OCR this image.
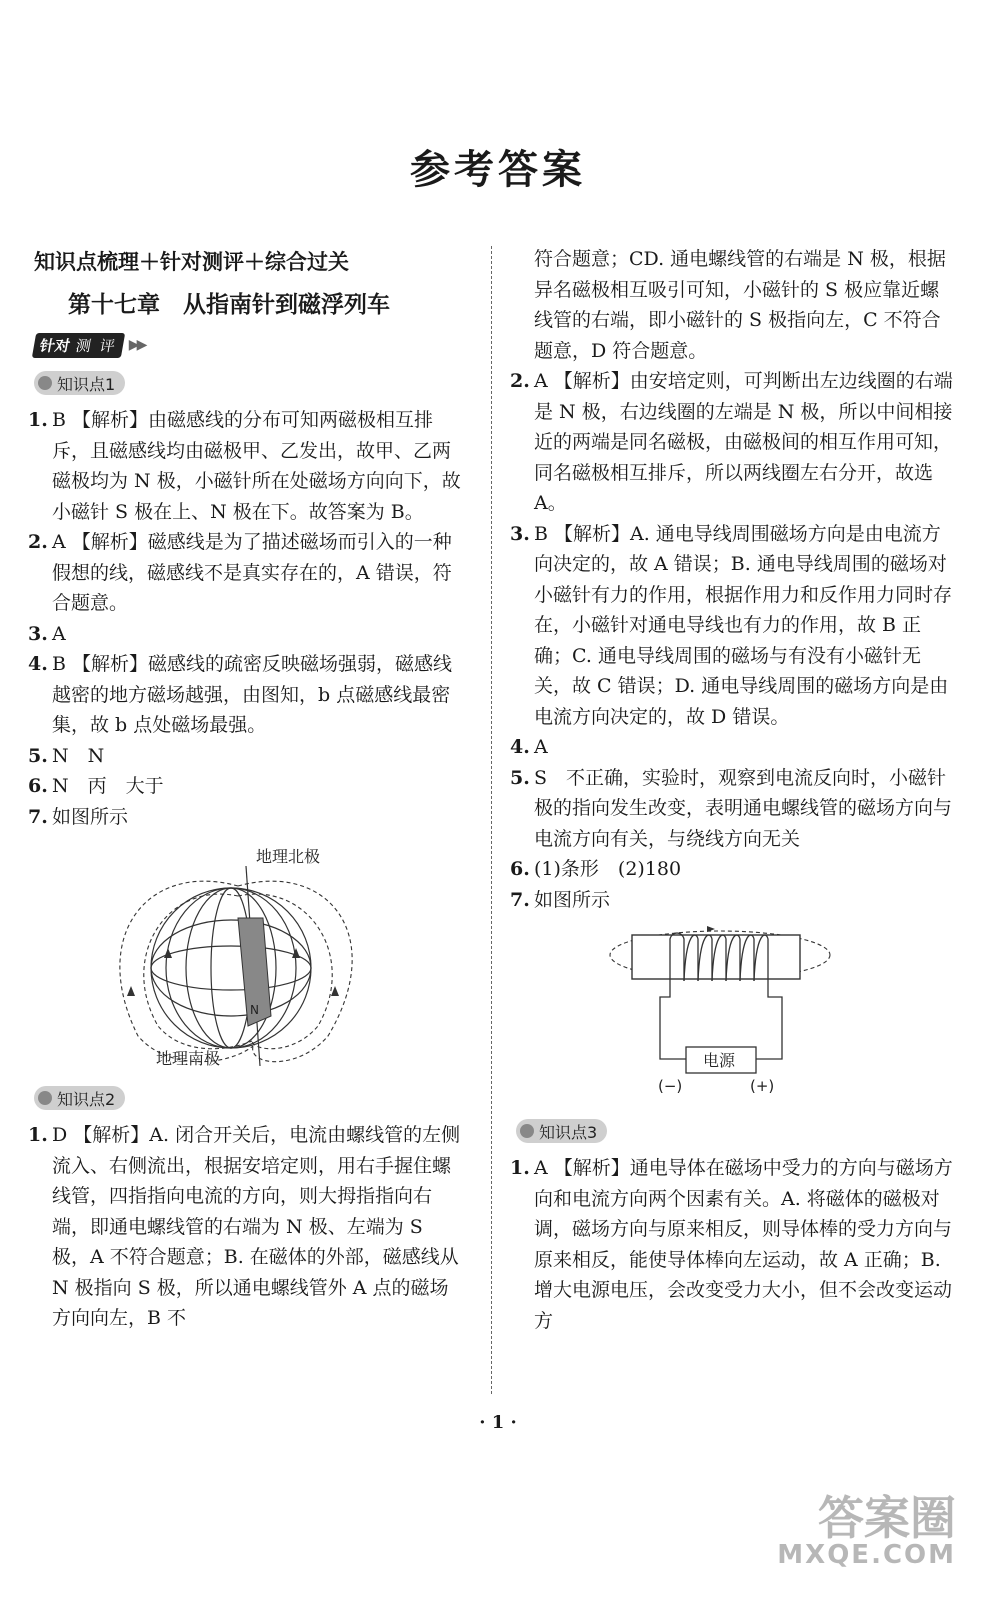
参考答案
知识点梳理＋针对测评＋综合过关
第十七章　从指南针到磁浮列车
针对 测 评 ▶▶
知识点1
1. B 【解析】由磁感线的分布可知两磁极相互排斥，且磁感线均由磁极甲、乙发出，故甲、乙两磁极均为 N 极，小磁针所在处磁场方向向下，故小磁针 S 极在上、N 极在下。故答案为 B。
2. A 【解析】磁感线是为了描述磁场而引入的一种假想的线，磁感线不是真实存在的，A 错误，符合题意。
3. A
4. B 【解析】磁感线的疏密反映磁场强弱，磁感线越密的地方磁场越强，由图知，b 点磁感线最密集，故 b 点处磁场最强。
5. N　N
6. N　丙　大于
7. 如图所示
地理北极
地理南极
N
知识点2
1. D 【解析】A. 闭合开关后，电流由螺线管的左侧流入、右侧流出，根据安培定则，用右手握住螺线管，四指指向电流的方向，则大拇指指向右端，即通电螺线管的右端为 N 极、左端为 S 极，A 不符合题意；B. 在磁体的外部，磁感线从 N 极指向 S 极，所以通电螺线管外 A 点的磁场方向向左，B 不
符合题意；CD. 通电螺线管的右端是 N 极，根据异名磁极相互吸引可知，小磁针的 S 极应靠近螺线管的右端，即小磁针的 S 极指向左，C 不符合题意，D 符合题意。
2. A 【解析】由安培定则，可判断出左边线圈的右端是 N 极，右边线圈的左端是 N 极，所以中间相接近的两端是同名磁极，由磁极间的相互作用可知，同名磁极相互排斥，所以两线圈左右分开，故选 A。
3. B 【解析】A. 通电导线周围磁场方向是由电流方向决定的，故 A 错误；B. 通电导线周围的磁场对小磁针有力的作用，根据作用力和反作用力同时存在，小磁针对通电导线也有力的作用，故 B 正确；C. 通电导线周围的磁场与有没有小磁针无关，故 C 错误；D. 通电导线周围的磁场方向是由电流方向决定的，故 D 错误。
4. A
5. S　不正确，实验时，观察到电流反向时，小磁针极的指向发生改变，表明通电螺线管的磁场方向与电流方向有关，与绕线方向无关
6. (1)条形　(2)180
7. 如图所示
电源
(−)	(+)
知识点3
1. A 【解析】通电导体在磁场中受力的方向与磁场方向和电流方向两个因素有关。A. 将磁体的磁极对调，磁场方向与原来相反，则导体棒的受力方向与原来相反，能使导体棒向左运动，故 A 正确；B. 增大电源电压，会改变受力大小，但不会改变运动方
· 1 ·
答案圈
MXQE.COM
